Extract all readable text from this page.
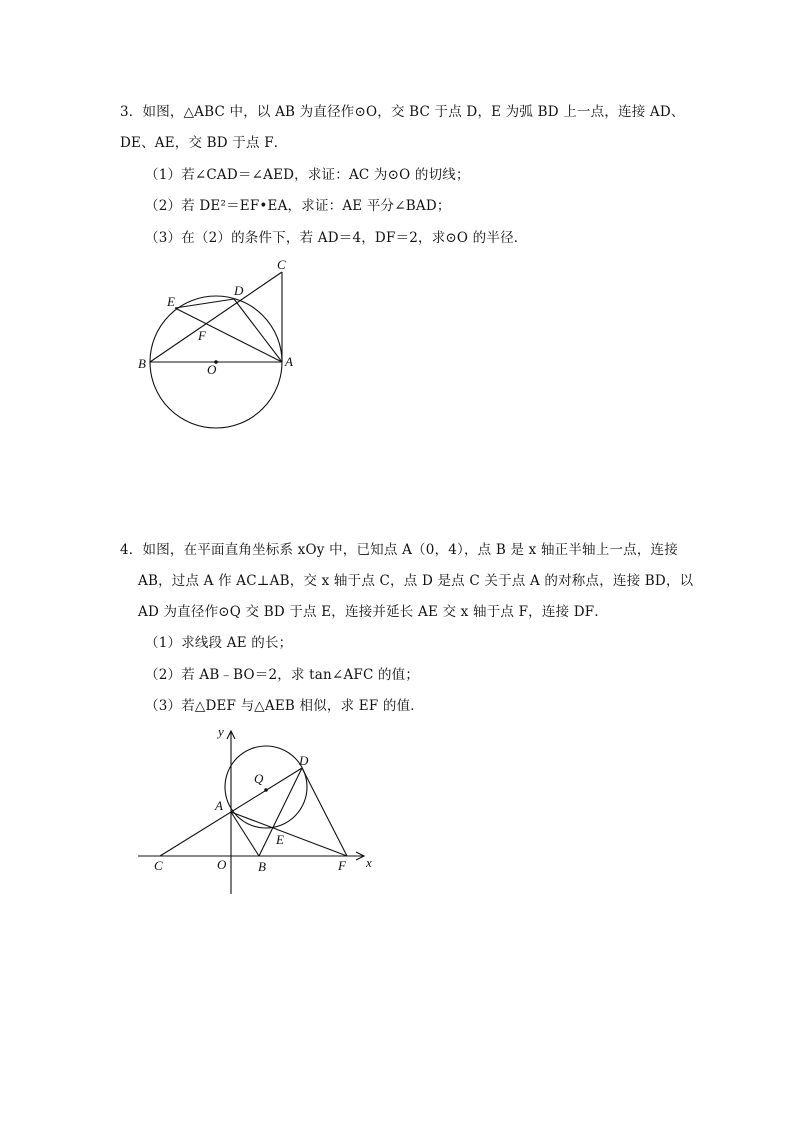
3．如图，△ABC 中，以 AB 为直径作⊙O，交 BC 于点 D，E 为弧 BD 上一点，连接 AD、
DE、AE，交 BD 于点 F．
（1）若∠CAD＝∠AED，求证：AC 为⊙O 的切线；
（2）若 DE²＝EF•EA，求证：AE 平分∠BAD；
（3）在（2）的条件下，若 AD＝4，DF＝2，求⊙O 的半径．
C
D
E
F
B	O
A
4．如图，在平面直角坐标系 xOy 中，已知点 A（0，4），点 B 是 x 轴正半轴上一点，连接
AB，过点 A 作 AC⊥AB，交 x 轴于点 C，点 D 是点 C 关于点 A 的对称点，连接 BD，以
AD 为直径作⊙Q 交 BD 于点 E，连接并延长 AE 交 x 轴于点 F，连接 DF．
（1）求线段 AE 的长；
（2）若 AB﹣BO＝2，求 tan∠AFC 的值；
（3）若△DEF 与△AEB 相似，求 EF 的值．
y
D
Q
A
E
C	O B	F x
